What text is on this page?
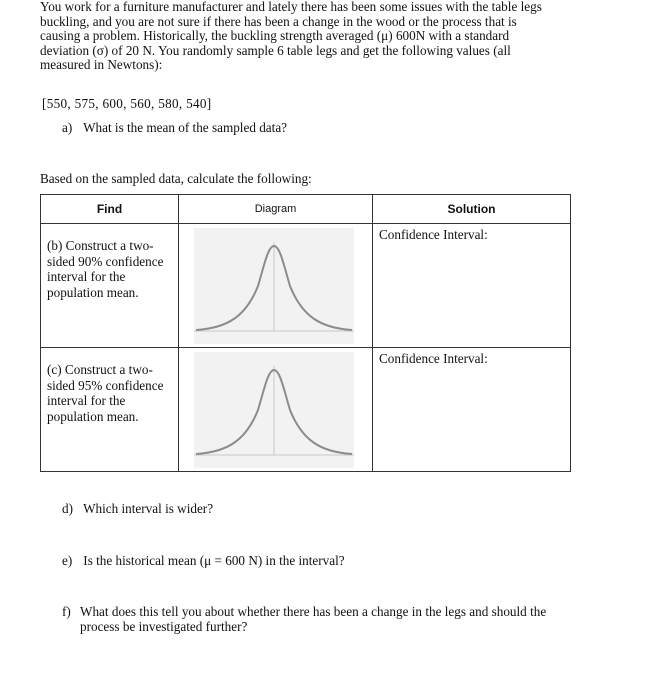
You work for a furniture manufacturer and lately there has been some issues with the table legs
buckling, and you are not sure if there has been a change in the wood or the process that is
causing a problem. Historically, the buckling strength averaged (μ) 600N with a standard
deviation (σ) of 20 N. You randomly sample 6 table legs and get the following values (all
measured in Newtons):
[550, 575, 600, 560, 580, 540]
a) What is the mean of the sampled data?
Based on the sampled data, calculate the following:
Find	Diagram	Solution

(b) Construct a two-
sided 90% confidence
interval for the
population mean.		Confidence Interval:

(c) Construct a two-
sided 95% confidence
interval for the
population mean.		Confidence Interval:
d) Which interval is wider?
e) Is the historical mean (μ = 600 N) in the interval?
f) What does this tell you about whether there has been a change in the legs and should the
process be investigated further?
